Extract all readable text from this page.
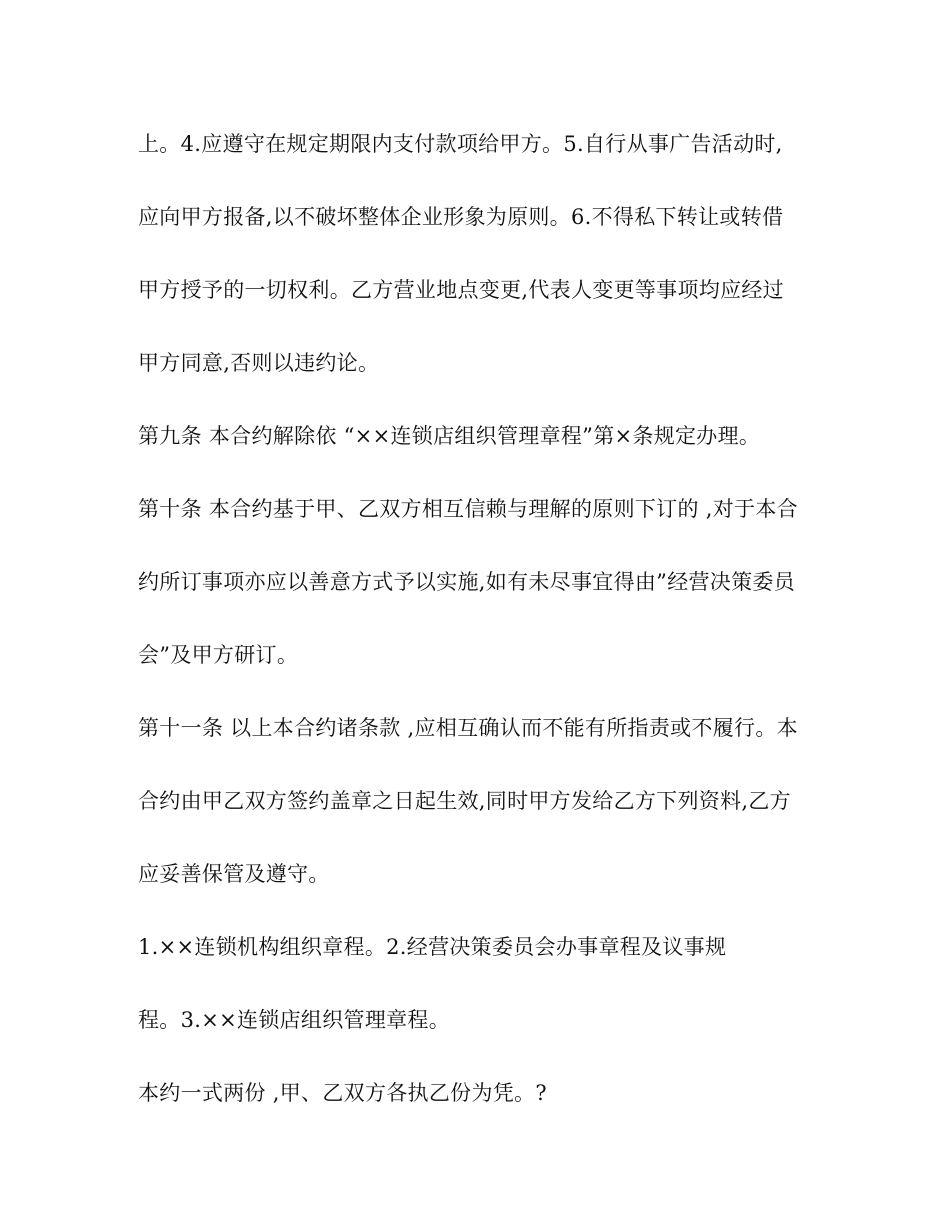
上。4.应遵守在规定期限内支付款项给甲方。5.自行从事广告活动时,

应向甲方报备,以不破坏整体企业形象为原则。6.不得私下转让或转借

甲方授予的一切权利。乙方营业地点变更,代表人变更等事项均应经过

甲方同意,否则以违约论。

第九条 本合约解除依 “××连锁店组织管理章程”第×条规定办理。

第十条 本合约基于甲、乙双方相互信赖与理解的原则下订的 ,对于本合

约所订事项亦应以善意方式予以实施,如有未尽事宜得由”经营决策委员

会”及甲方研订。

第十一条 以上本合约诸条款 ,应相互确认而不能有所指责或不履行。本

合约由甲乙双方签约盖章之日起生效,同时甲方发给乙方下列资料,乙方

应妥善保管及遵守。

1.××连锁机构组织章程。2.经营决策委员会办事章程及议事规

程。3.××连锁店组织管理章程。

本约一式两份 ,甲、乙双方各执乙份为凭。?
